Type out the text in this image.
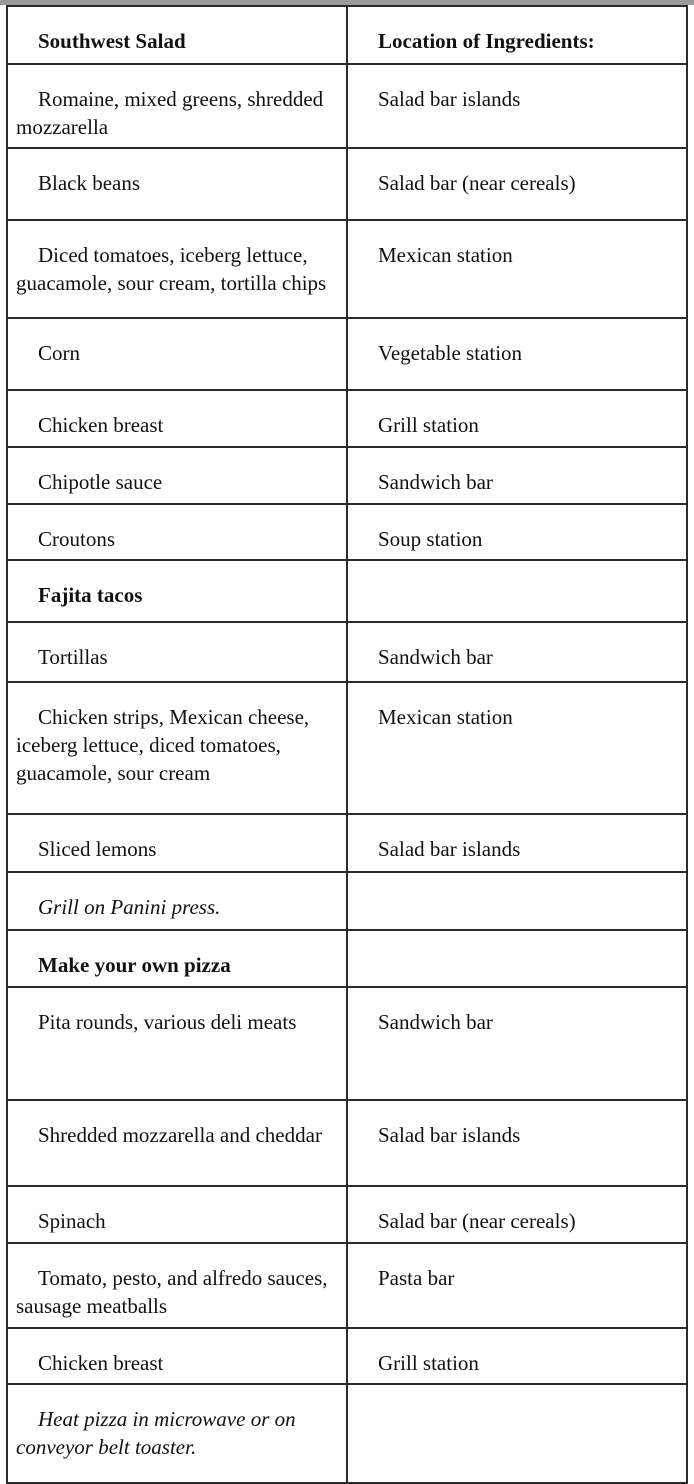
Southwest Salad	Location of Ingredients:

Romaine, mixed greens, shredded mozzarella	Salad bar islands

Black beans	Salad bar (near cereals)

Diced tomatoes, iceberg lettuce, guacamole, sour cream, tortilla chips	Mexican station

Corn	Vegetable station

Chicken breast	Grill station

Chipotle sauce	Sandwich bar

Croutons	Soup station

Fajita tacos	

Tortillas	Sandwich bar

Chicken strips, Mexican cheese, iceberg lettuce, diced tomatoes, guacamole, sour cream	Mexican station

Sliced lemons	Salad bar islands

Grill on Panini press.	

Make your own pizza	

Pita rounds, various deli meats	Sandwich bar

Shredded mozzarella and cheddar	Salad bar islands

Spinach	Salad bar (near cereals)

Tomato, pesto, and alfredo sauces, sausage meatballs	Pasta bar

Chicken breast	Grill station

Heat pizza in microwave or on conveyor belt toaster.	
